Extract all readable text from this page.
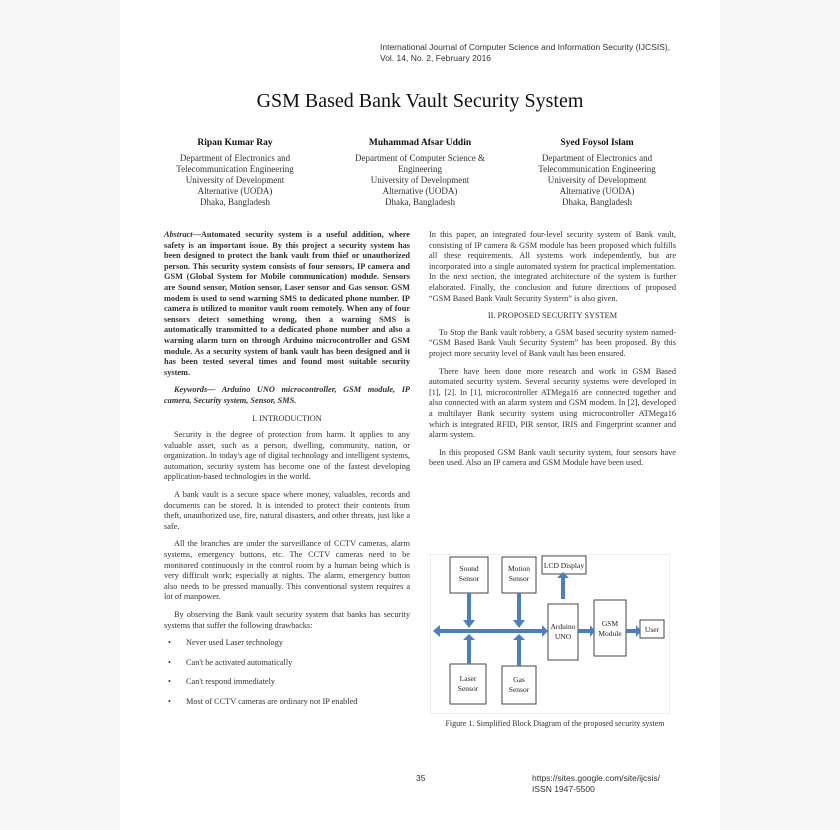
International Journal of Computer Science and Information Security (IJCSIS),
Vol. 14, No. 2, February 2016
GSM Based Bank Vault Security System
Ripan Kumar Ray
Department of Electronics and
Telecommunication Engineering
University of Development
Alternative (UODA)
Dhaka, Bangladesh
Muhammad Afsar Uddin
Department of Computer Science &
Engineering
University of Development
Alternative (UODA)
Dhaka, Bangladesh
Syed Foysol Islam
Department of Electronics and
Telecommunication Engineering
University of Development
Alternative (UODA)
Dhaka, Bangladesh

Abstract—Automated security system is a useful addition, where safety is an important issue. By this project a security system has been designed to protect the bank vault from thief or unauthorized person. This security system consists of four sensors, IP camera and GSM (Global System for Mobile communication) module. Sensors are Sound sensor, Motion sensor, Laser sensor and Gas sensor. GSM modem is used to send warning SMS to dedicated phone number. IP camera is utilized to monitor vault room remotely. When any of four sensors detect something wrong, then a warning SMS is automatically transmitted to a dedicated phone number and also a warning alarm turn on through Arduino microcontroller and GSM module. As a security system of bank vault has been designed and it has been tested several times and found most suitable security system.

Keywords— Arduino UNO microcontroller, GSM module, IP camera, Security system, Sensor, SMS.

I. INTRODUCTION

Security is the degree of protection from harm. It applies to any valuable asset, such as a person, dwelling, community, nation, or organization. In today's age of digital technology and intelligent systems, automation, security system has become one of the fastest developing application-based technologies in the world.

A bank vault is a secure space where money, valuables, records and documents can be stored. It is intended to protect their contents from theft, unauthorized use, fire, natural disasters, and other threats, just like a safe.

All the branches are under the surveillance of CCTV cameras, alarm systems, emergency buttons, etc. The CCTV cameras need to be monitored continuously in the control room by a human being which is very difficult work; especially at nights. The alarm, emergency button also needs to be pressed manually. This conventional system requires a lot of manpower.

By observing the Bank vault security system that banks has security systems that suffer the following drawbacks:

• Never used Laser technology
• Can't be activated automatically
• Can't respond immediately
• Most of CCTV cameras are ordinary not IP enabled

In this paper, an integrated four-level security system of Bank vault, consisting of IP camera & GSM module has been proposed which fulfills all these requirements. All systems work independently, but are incorporated into a single automated system for practical implementation. In the next section, the integrated architecture of the system is further elaborated. Finally, the conclusion and future directions of proposed “GSM Based Bank Vault Security System” is also given.

II. PROPOSED SECURITY SYSTEM

To Stop the Bank vault robbery, a GSM based security system named- “GSM Based Bank Vault Security System” has been proposed. By this project more security level of Bank vault has been ensured.

There have been done more research and work in GSM Based automated security system. Several security systems were developed in [1], [2]. In [1], microcontroller ATMega16 are connected together and also connected with an alarm system and GSM modem. In [2], developed a multilayer Bank security system using microcontroller ATMega16 which is integrated RFID, PIR sensor, IRIS and Fingerprint scanner and alarm system.

In this proposed GSM Bank vault security system, four sensors have been used. Also an IP camera and GSM Module have been used.

Sound
Sensor
Motion
Sensor
LCD Display
Arduino
UNO
GSM
Module	User
Laser
Sensor
Gas
Sensor
Figure 1. Simplified Block Diagram of the proposed security system
35	https://sites.google.com/site/ijcsis/
ISSN 1947-5500
